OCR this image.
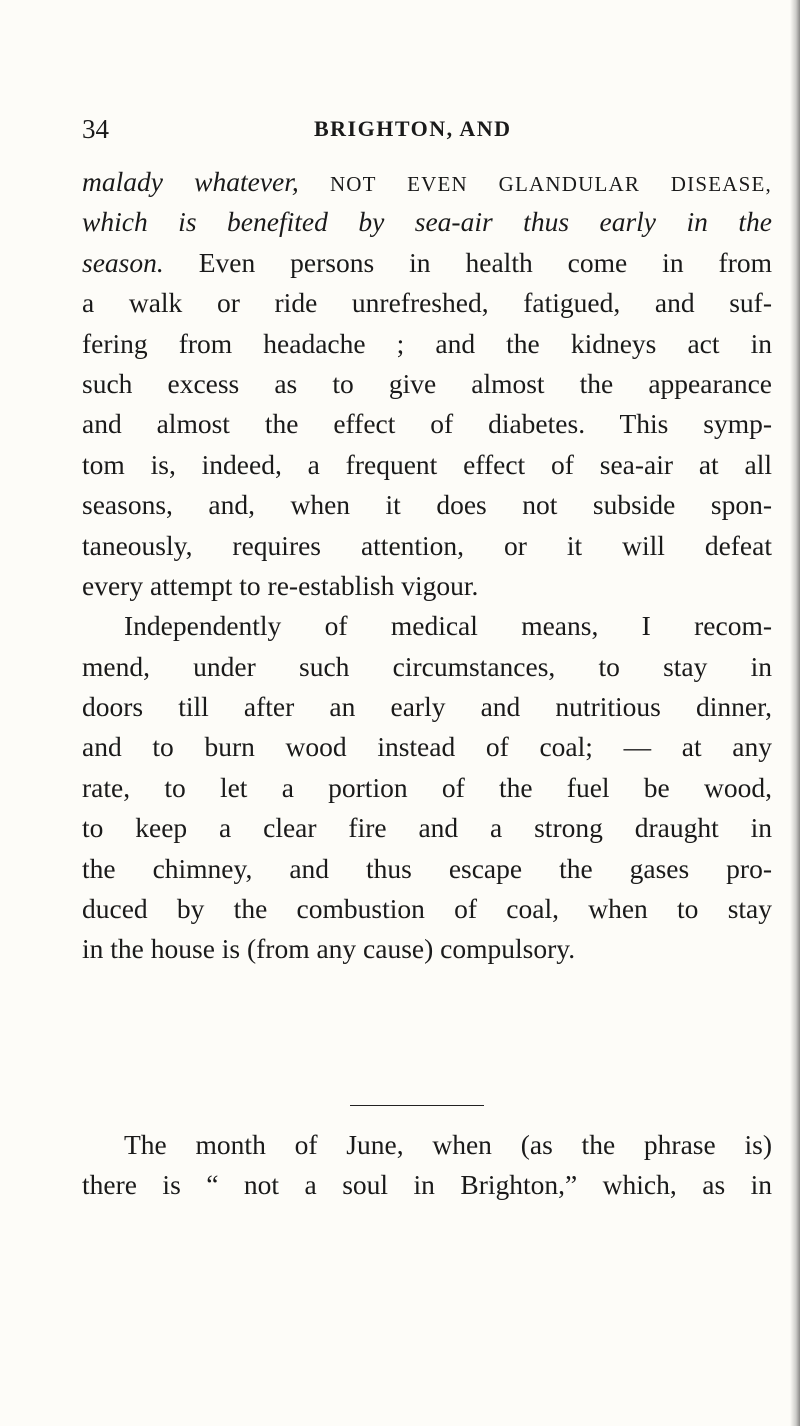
34	BRIGHTON, AND
malady whatever, NOT EVEN GLANDULAR DISEASE,
which is benefited by sea-air thus early in the
season. Even persons in health come in from
a walk or ride unrefreshed, fatigued, and suf-
fering from headache ; and the kidneys act in
such excess as to give almost the appearance
and almost the effect of diabetes. This symp-
tom is, indeed, a frequent effect of sea-air at all
seasons, and, when it does not subside spon-
taneously, requires attention, or it will defeat
every attempt to re-establish vigour.
Independently of medical means, I recom-
mend, under such circumstances, to stay in
doors till after an early and nutritious dinner,
and to burn wood instead of coal; — at any
rate, to let a portion of the fuel be wood,
to keep a clear fire and a strong draught in
the chimney, and thus escape the gases pro-
duced by the combustion of coal, when to stay
in the house is (from any cause) compulsory.
The month of June, when (as the phrase is)
there is “ not a soul in Brighton,” which, as in
